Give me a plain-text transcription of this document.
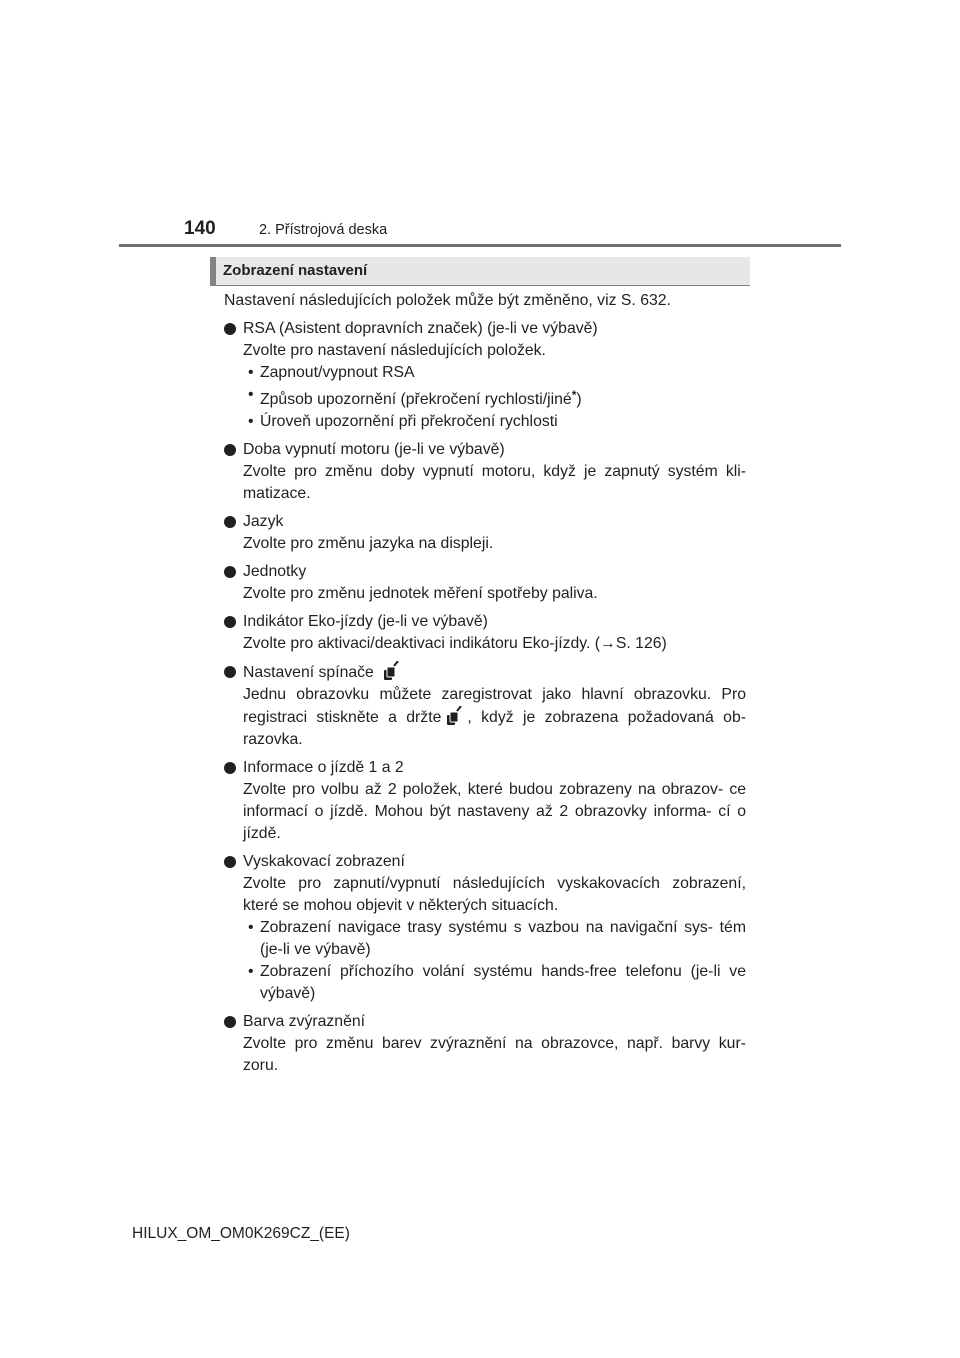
140	2. Přístrojová deska
Zobrazení nastavení

Nastavení následujících položek může být změněno, viz S. 632.

RSA (Asistent dopravních značek) (je-li ve výbavě)

Zvolte pro nastavení následujících položek.

• Zapnout/vypnout RSA
• Způsob upozornění (překročení rychlosti/jiné*)
• Úroveň upozornění při překročení rychlosti
Doba vypnutí motoru (je-li ve výbavě)

Zvolte pro změnu doby vypnutí motoru, když je zapnutý systém kli- matizace.

Jazyk

Zvolte pro změnu jazyka na displeji.

Jednotky

Zvolte pro změnu jednotek měření spotřeby paliva.

Indikátor Eko-jízdy (je-li ve výbavě)

Zvolte pro aktivaci/deaktivaci indikátoru Eko-jízdy. (→S. 126)

Nastavení spínače

Jednu obrazovku můžete zaregistrovat jako hlavní obrazovku. Pro registraci stiskněte a držte , když je zobrazena požadovaná ob- razovka.

Informace o jízdě 1 a 2

Zvolte pro volbu až 2 položek, které budou zobrazeny na obrazov- ce informací o jízdě. Mohou být nastaveny až 2 obrazovky informa- cí o jízdě.

Vyskakovací zobrazení

Zvolte pro zapnutí/vypnutí následujících vyskakovacích zobrazení, které se mohou objevit v některých situacích.

• Zobrazení navigace trasy systému s vazbou na navigační sys- tém (je-li ve výbavě)
• Zobrazení příchozího volání systému hands-free telefonu (je-li ve výbavě)
Barva zvýraznění

Zvolte pro změnu barev zvýraznění na obrazovce, např. barvy kur- zoru.

HILUX_OM_OM0K269CZ_(EE)
